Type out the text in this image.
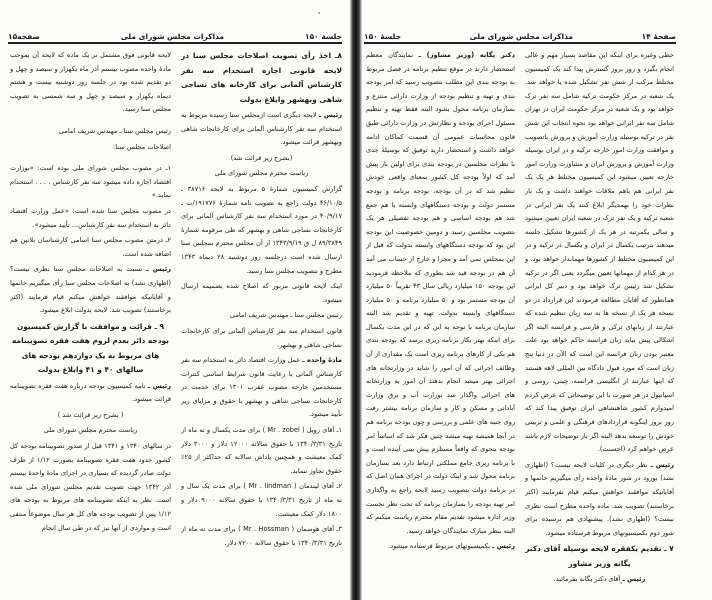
جلسة ۱۵۰
مذاکرات مجلس شورای ملی
صفحه۱۵

۸ـ اخذ رأی تصویب اصلاحات مجلس سنا در لایحه قانونی اجازه استخدام سه نفر کارشناس آلمانی برای کارخانه های نساجی شاهی وبهشهر وابلاغ بدولت

رئیس ـ لایحه دیگری است ازمجلس سنا رسیده مربوط به استخدام سه نفر کارشناس آلمانی برای کارخانجات شاهی وبهشهر قرائت میشود.

(بشرح زیر قرائت شد)

ریاست محترم مجلس شورای ملی

گزارش کمیسیون شمارهٔ ۵ مربوط به لایحه ۳۸۷۱۶ ـ ۴۶/۱۰/۵ دولت راجع به تصویب نامه شمارهٔ ۱۹۱۷۷۶/ت ـ ۴۰/۹/۱۷ در مورد استخدام سه نفر کارشناس آلمانی برای کارخانجات نساجی شاهی و بهشهر که طی مرقومه شمارهٔ ۸۹/۳۸۴۹ ل ق ۱۳۴۳/۹/۱۹ از آن مجلس محترم بمجلس سنا ارسال شده است درجلسه روز دوشنبه ۲۸ دیماه ۱۳۴۳ مطرح و بتصویب مجلس سنا رسید.

اینک لایحه قانونی مزبور که اصلاح شده بضمیمه ارسال میشود.

رئیس مجلس سنا ـ مهندس شریف امامی

قانون استخدام سه نفر کارشناس آلمانی برای کارخانجات نساجی شاهی و بهشهر.

مادهٔ واحده ـ عمل وزارت اقتصاد دائر به استخدام سه نفر کارشناس آلمانی با رعایت قانون شرایط اساسی کنترات مستخدمین خارجه مصوب عقرب ۱۳۰۱ برای خدمت در کارخانجات نساجی شاهی و بهشهر با حقوق و مزایای زیر تأیید میشود.

۱ـ آقای زوبل ( Mr . zobel ) برای مدت یکسال و نه ماه از تاریخ ۱۳۴۰/۳/۳۱ با حقوق سالانه ۱۲۰۰۰ دلار و ۳۰۰۰ دلار کمک معیشت و همچنین پاداش سالانه که حداکثر از ۲۵٪ حقوق تجاوز ننماید.

۲ـ آقای لیندمان ( Mr . lindman ) برای مدت یک سال و نه ماه از تاریخ ۱۳۴۰/۳/۳۱ با حقوق سالانه ۹۰۰۰ دلار و ۱۸۰۰ دلار کمک معیشت.

۳ـ آقای هوسمان ( Mr . Hossman ) برای مدت نه ماه از تاریخ ۱۳۴۰/۳/۳۱ با حقوق سالانه ۷۲۰۰ دلار.

لایحه قانونی فوق مشتمل بر یک ماده که لایحه آن بموجب مادهٔ واحده مصوب بیستم آذر ماه یکهزار و سیصد و چهل و دو تقدیم شده بود در جلسه روز دوشنبه بیست و هشتم دیماه یکهزار و سیصد و چهل و سه شمسی به تصویب مجلس سنا رسید.

رئیس مجلس سنا ـ مهندس شریف امامی

اصلاحات مجلس سنا:

۱ـ در مصوب مجلس شورای ملی بوده است: «بوزارت اقتصاد اجازه داده میشود سه نفر کارشناس . . . . استخدام نماید.»

در مصوب مجلس سنا شده است: «عمل وزارت اقتصاد دائر به استخدام سه نفر کارشناس... تأیید میشود».

۲ـ درمتن مصوب مجلس سنا اسامی کارشناسان بلاتین هم اضافه شده است.

رئیس ـ نسبت به اصلاحات مجلس سنا نظری نیست؟ (اظهاری نشد) به اصلاحات مجلس سنا رأی میگیریم خانمها و آقایانیکه موافقند خواهش میکنم قیام فرمایند (اکثر برخاستند) تصویب شد. لایحه بدولت ابلاغ میشود.

۹ ـ قرائت و موافقت با گزارش کمیسیون بودجه دائر بعدم لزوم هفت فقره تصویبنامه های مربوط به یک دوازدهم بودجه های سالهای ۴۰ و ۴۱ وابلاغ بدولت

رئیس ـ نامه کمیسیون بودجه درباره هفت فقره تصویبنامه قرائت میشود.

( بشرح زیر قرائت شد )

ریاست محترم مجلس شورای ملی

در سالهای ۱۳۴۰ و ۱۳۴۱ قبل از صدور تصویبنامه بودجه کل کشور حدود هفت فقره تصویبنامه بصورت ۱/۱۲ از طرف دولت صادر گردیده که بسیاری در اجرای مادهٔ واحدهٔ بیستم آذر ۱۳۴۲ جهت تصویب تقدیم مجلس شورای ملی شده است. نظر به اینکه تصویبنامه های مربوط به بودجه های ۱/۱۲ پس از تصویب بودجه های کل هر سال موضوعاً منتفی است و مواردی از آنها نیز که در طی سال انجام

صفحهٔ ۱۴
مذاکرات مجلس شورای ملی
جلسهٔ ۱۵۰

خطی وغیره برای اینکه این مقاصد بسیار مهم و عالی انجام بگیرد و روز بروز گسترش پیدا کند یک کمیسیون مختلط مرکب از شش نفر تشکیل شده یا خواهد شد. یک شعبه در مرکز حکومت ترکیه شامل سه نفر ترک خواهد بود و یک شعبه در مرکز حکومت ایران در تهران شامل سه نفر ایرانی خواهد بود نحوه انتخاب این شش نفر در ترکیه بوسیله وزارت آموزش و پرورش باتصویب و موافقت وزارت امور خارجه ترکیه و در ایران بوسیله وزارت آموزش و پرورش ایران و مشاورت وزارت امور خارجه تعیین میشود این کمیسیون مختلط هر یک یک نفر ایرانی هم باهم ملاقات خواهند داشت و یک بار نظرات خود را بهمدیگر ابلاغ کنند یک نفر ایرانی در شعبه ترکیه و یک نفر ترک در شعبه ایران تعیین میشود و سالی یکمرتبه در هر یک از کشورها تشکیل جلسه میدهند بترتیب یکسال در ایران و یکسال در ترکیه و در این کمیسیون مختلط از کشورها مهماندار خواهد بود. و در هر کدام از مهمانها تعیین میگردد یعنی اگر در ترکیه تشکیل شد رئیس ترک خواهد بود و دبیر کل ایرانی همانطور که آقایان مطالعه فرمودند این قرارداد در دو نسخه هر یک از نسخه ها به سه زبان تنظیم شده که عبارتند از زبانهای ترکی و فارسی و فرانسه البته اگر اشکالی پیش بیاید زبان فرانسه حاکم خواهد بود علت معتبر بودن زبان فرانسه این است که الآن در دنیا پنج زبان است که مورد قبول دادگاه بین المللی لاهه هستند که اینها عبارتند از انگلیسی فرانسه، چینی، روسی و اسپانیول در هر صورت با این توضیحاتی که عرض کردم امیدوارم کشور شاهنشاهی ایران توفیق پیدا کند که روز بروز اینگونه قراردادهای فرهنگی و علمی و تربیتی خودش را توسعه بدهد البته اگر باز توضیحات لازم باشد عرض خواهم کرد (احسنت).

رئیس ـ نظر دیگری در کلیات لایحه نیست؟ (اظهاری نشد) بورود در شور مادهٔ واحده رأی میگیریم خانمها و آقایانیکه موافقند خواهش میکنم قیام بفرمایند (اکثر برخاستند) تصویب شد. ماده واحده مطرح است نظری نیست؟ (اظهاری نشد). پیشنهادی هم نرسیده برای شور دوم بکمیسیونهای مربوط فرستاده میشود.

۷ ـ تقدیم یکفقره لایحه بوسیله آقای دکتر یگانه وزیر مشاور

رئیس ـ آقای دکتر یگانه بفرمائید.

دکتر یگانه (وزیر مشاور) ـ نمایندگان معظم استحضار دارند در موقع تنظیم برنامه در فصل مربوط به بودجه بندی این مطلب بتصویب رسید که امر بودجه بندی و تهیه و تنظیم بودجه از وزارت دارائی منتزع و بسازمان برنامه محول بشود البته فقط تهیه و تنظیم مسئول اجرای بودجه و نظارتش در وزارت دارائی طبق قانون محاسبات عمومی آن قسمت کماکان ادامه خواهد داشت و استحضار دارید توفیق که بوسیلهٔ جدی با نظرات مجلسین در بودجه بندی برای اولین بار پیش آمد که اولاً بودجه کل کشور بمعنای واقعی خودش تنظیم شد که در آن بودجه، بودجه برنامه و بودجه مستمر دولت و بودجه دستگاههای وابسته با هم جمع شد هم بودجه اساسی و هم بودجه تفصیلی هر یک بتصویب مجلسین رسید و دومین خصوصیت این بودجه این بود که بودجه دستگاههای وابسته بدولت که قبل از این بمجلس نمی آمد و مجزا و خارج از حساب می آمد آن هم در بودجه قید شد بطوری که ملاحظه فرمودید این بودجه ۱۵۰ میلیارد ریالی سال ۴۳ تقریباً ۵۰ میلیارد آن بودجه مستمر بود و ۵۰ میلیارد برنامه و ۵۰ میلیارد دستگاههای وابسته بدولت. تهیه و تقدیم شد البته سازمان برنامه با توجه به این که در این مدت یکسال برای اینکه بهتر بکار برنامه ریزی برسد که بودجه بندی هم یکی از کارهای برنامه ریزی است یک مقداری از آن وظائف اجرائی که آن امور را شاید در وزارتخانه های اجرائی بهتر میشد انجام بدهند آن امور به وزارتخانه های اجرائی واگذار شد بوزارت آب و برق وزارت آبادانی و مسکن و کار و سازمان برنامه بیشتر رفت روی جنبه های علمی و بررسی و چون بودجه برنامه هم در آنجا همیشه تهیه میشد چنین فکر شد که اساساً امر بودجه بنحوی که واقعاً مستلزم پیش بینی آینده است و با برنامه ریزی جامع مملکتی ارتباط دارد بعد بسازمان برنامه محول شد و اینک دولت در اجرای همان اصل که در برنامه دولت بتصویب رسید لایحه راجع به واگذاری امر تهیه بودجه را بسازمان برنامه که تحت نظر نخست وزیر اداره میشود تقدیم مقام محترم ریاست میکنم که البته بنظر مبارک نمایندگان خواهد رسید.

رئیس ـ بکمیسیونهای مربوط فرستاده میشود.
